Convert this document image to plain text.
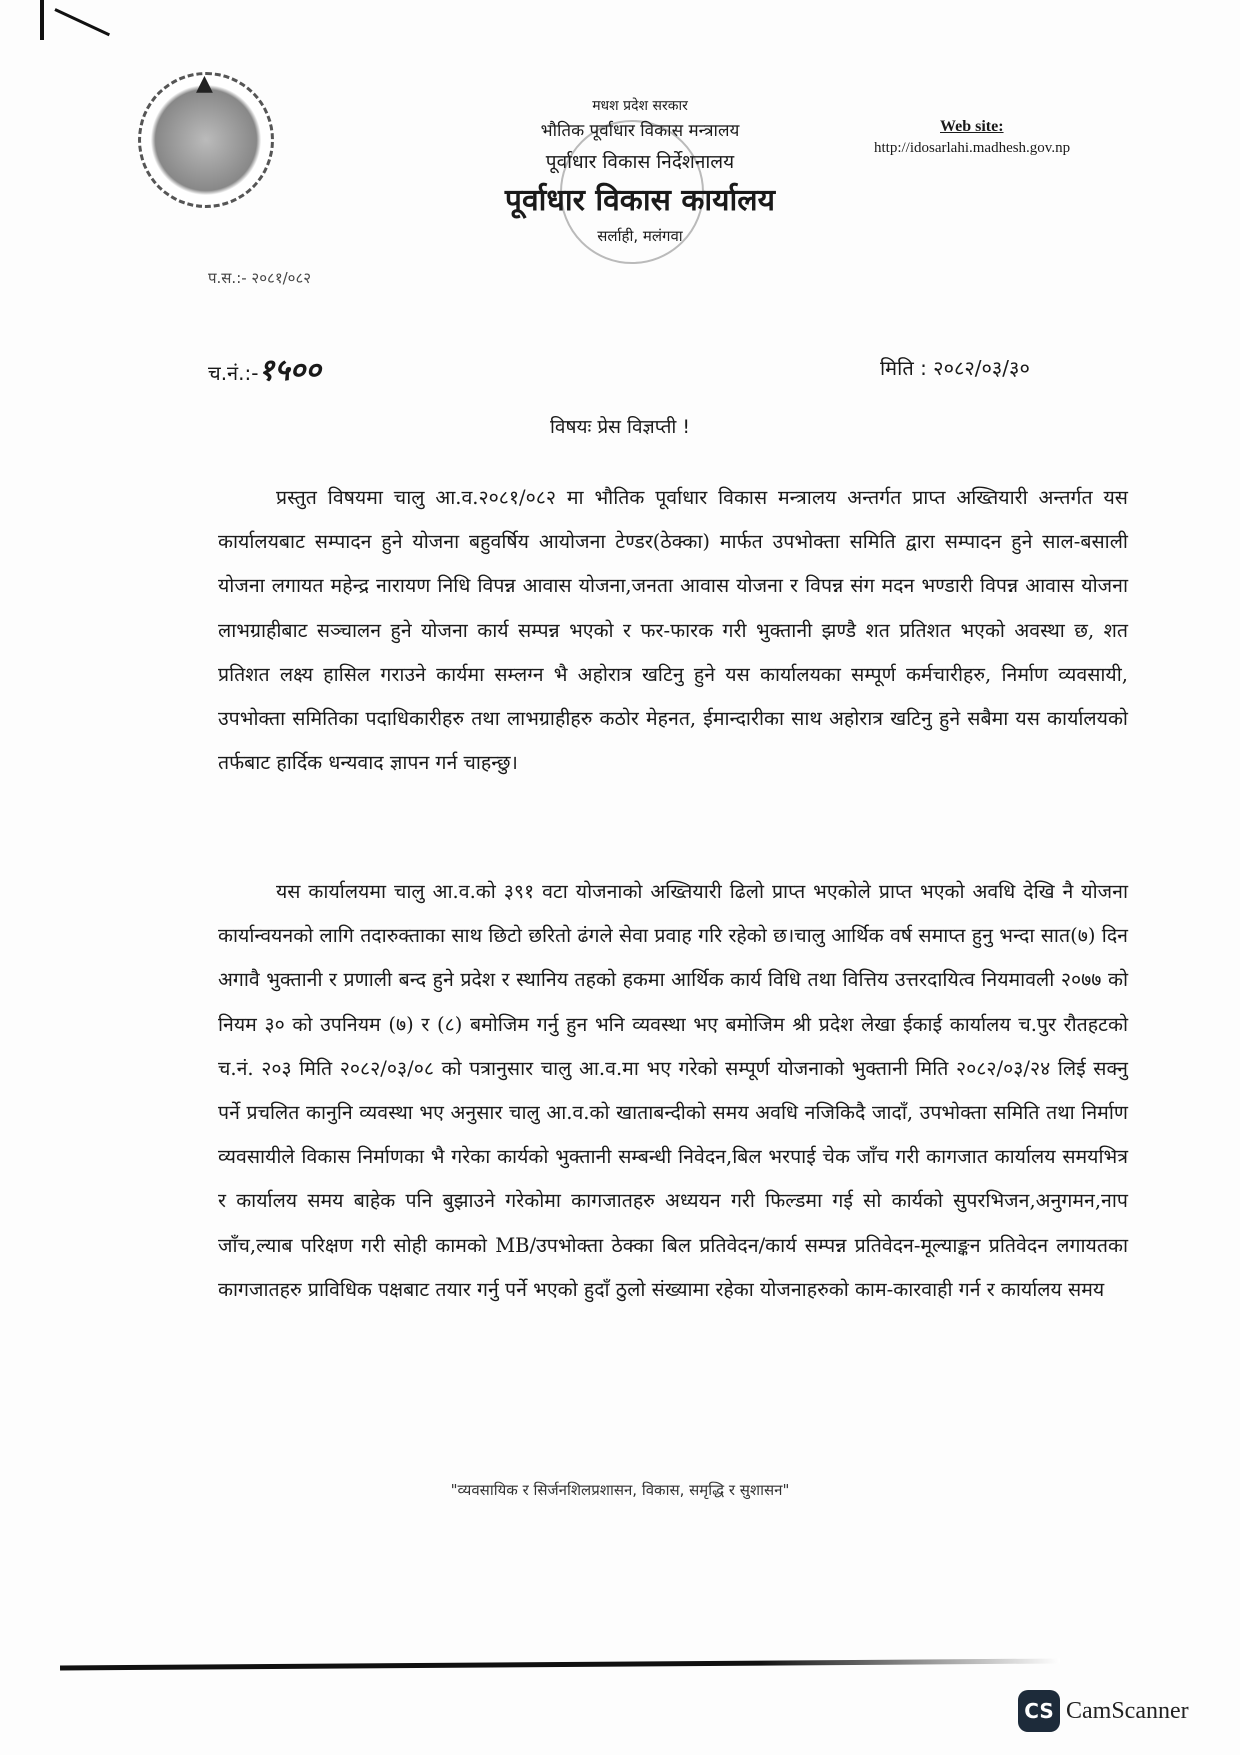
▲
मधश प्रदेश सरकार
भौतिक पूर्वाधार विकास मन्त्रालय
पूर्वाधार विकास निर्देशनालय
पूर्वाधार विकास कार्यालय
सर्लाही, मलंगवा
Web site:
http://idosarlahi.madhesh.gov.np
प.स.:- २०८१/०८२
च.नं.:-१५००	मिति : २०८२/०३/३०
विषयः प्रेस विज्ञप्ती !
प्रस्तुत विषयमा चालु आ.व.२०८१/०८२ मा भौतिक पूर्वाधार विकास मन्त्रालय अन्तर्गत प्राप्त अख्तियारी अन्तर्गत यस कार्यालयबाट सम्पादन हुने योजना बहुवर्षिय आयोजना टेण्डर(ठेक्का) मार्फत उपभोक्ता समिति द्वारा सम्पादन हुने साल-बसाली योजना लगायत महेन्द्र नारायण निधि विपन्न आवास योजना,जनता आवास योजना र विपन्न संग मदन भण्डारी विपन्न आवास योजना लाभग्राहीबाट सञ्चालन हुने योजना कार्य सम्पन्न भएको र फर-फारक गरी भुक्तानी झण्डै शत प्रतिशत भएको अवस्था छ, शत प्रतिशत लक्ष्य हासिल गराउने कार्यमा सम्लग्न भै अहोरात्र खटिनु हुने यस कार्यालयका सम्पूर्ण कर्मचारीहरु, निर्माण व्यवसायी, उपभोक्ता समितिका पदाधिकारीहरु तथा लाभग्राहीहरु कठोर मेहनत, ईमान्दारीका साथ अहोरात्र खटिनु हुने सबैमा यस कार्यालयको तर्फबाट हार्दिक धन्यवाद ज्ञापन गर्न चाहन्छु।
यस कार्यालयमा चालु आ.व.को ३९१ वटा योजनाको अख्तियारी ढिलो प्राप्त भएकोले प्राप्त भएको अवधि देखि नै योजना कार्यान्वयनको लागि तदारुक्ताका साथ छिटो छरितो ढंगले सेवा प्रवाह गरि रहेको छ।चालु आर्थिक वर्ष समाप्त हुनु भन्दा सात(७) दिन अगावै भुक्तानी र प्रणाली बन्द हुने प्रदेश र स्थानिय तहको हकमा आर्थिक कार्य विधि तथा वित्तिय उत्तरदायित्व नियमावली २०७७ को नियम ३० को उपनियम (७) र (८) बमोजिम गर्नु हुन भनि व्यवस्था भए बमोजिम श्री प्रदेश लेखा ईकाई कार्यालय च.पुर रौतहटको च.नं. २०३ मिति २०८२/०३/०८ को पत्रानुसार चालु आ.व.मा भए गरेको सम्पूर्ण योजनाको भुक्तानी मिति २०८२/०३/२४ लिई सक्नु पर्ने प्रचलित कानुनि व्यवस्था भए अनुसार चालु आ.व.को खाताबन्दीको समय अवधि नजिकिदै जादाँ, उपभोक्ता समिति तथा निर्माण व्यवसायीले विकास निर्माणका भै गरेका कार्यको भुक्तानी सम्बन्धी निवेदन,बिल भरपाई चेक जाँच गरी कागजात कार्यालय समयभित्र र कार्यालय समय बाहेक पनि बुझाउने गरेकोमा कागजातहरु अध्ययन गरी फिल्डमा गई सो कार्यको सुपरभिजन,अनुगमन,नाप जाँच,ल्याब परिक्षण गरी सोही कामको MB/उपभोक्ता ठेक्का बिल प्रतिवेदन/कार्य सम्पन्न प्रतिवेदन-मूल्याङ्कन प्रतिवेदन लगायतका कागजातहरु प्राविधिक पक्षबाट तयार गर्नु पर्ने भएको हुदाँ ठुलो संख्यामा रहेका योजनाहरुको काम-कारवाही गर्न र कार्यालय समय
"व्यवसायिक र सिर्जनशिलप्रशासन, विकास, समृद्धि र सुशासन"
CS CamScanner
